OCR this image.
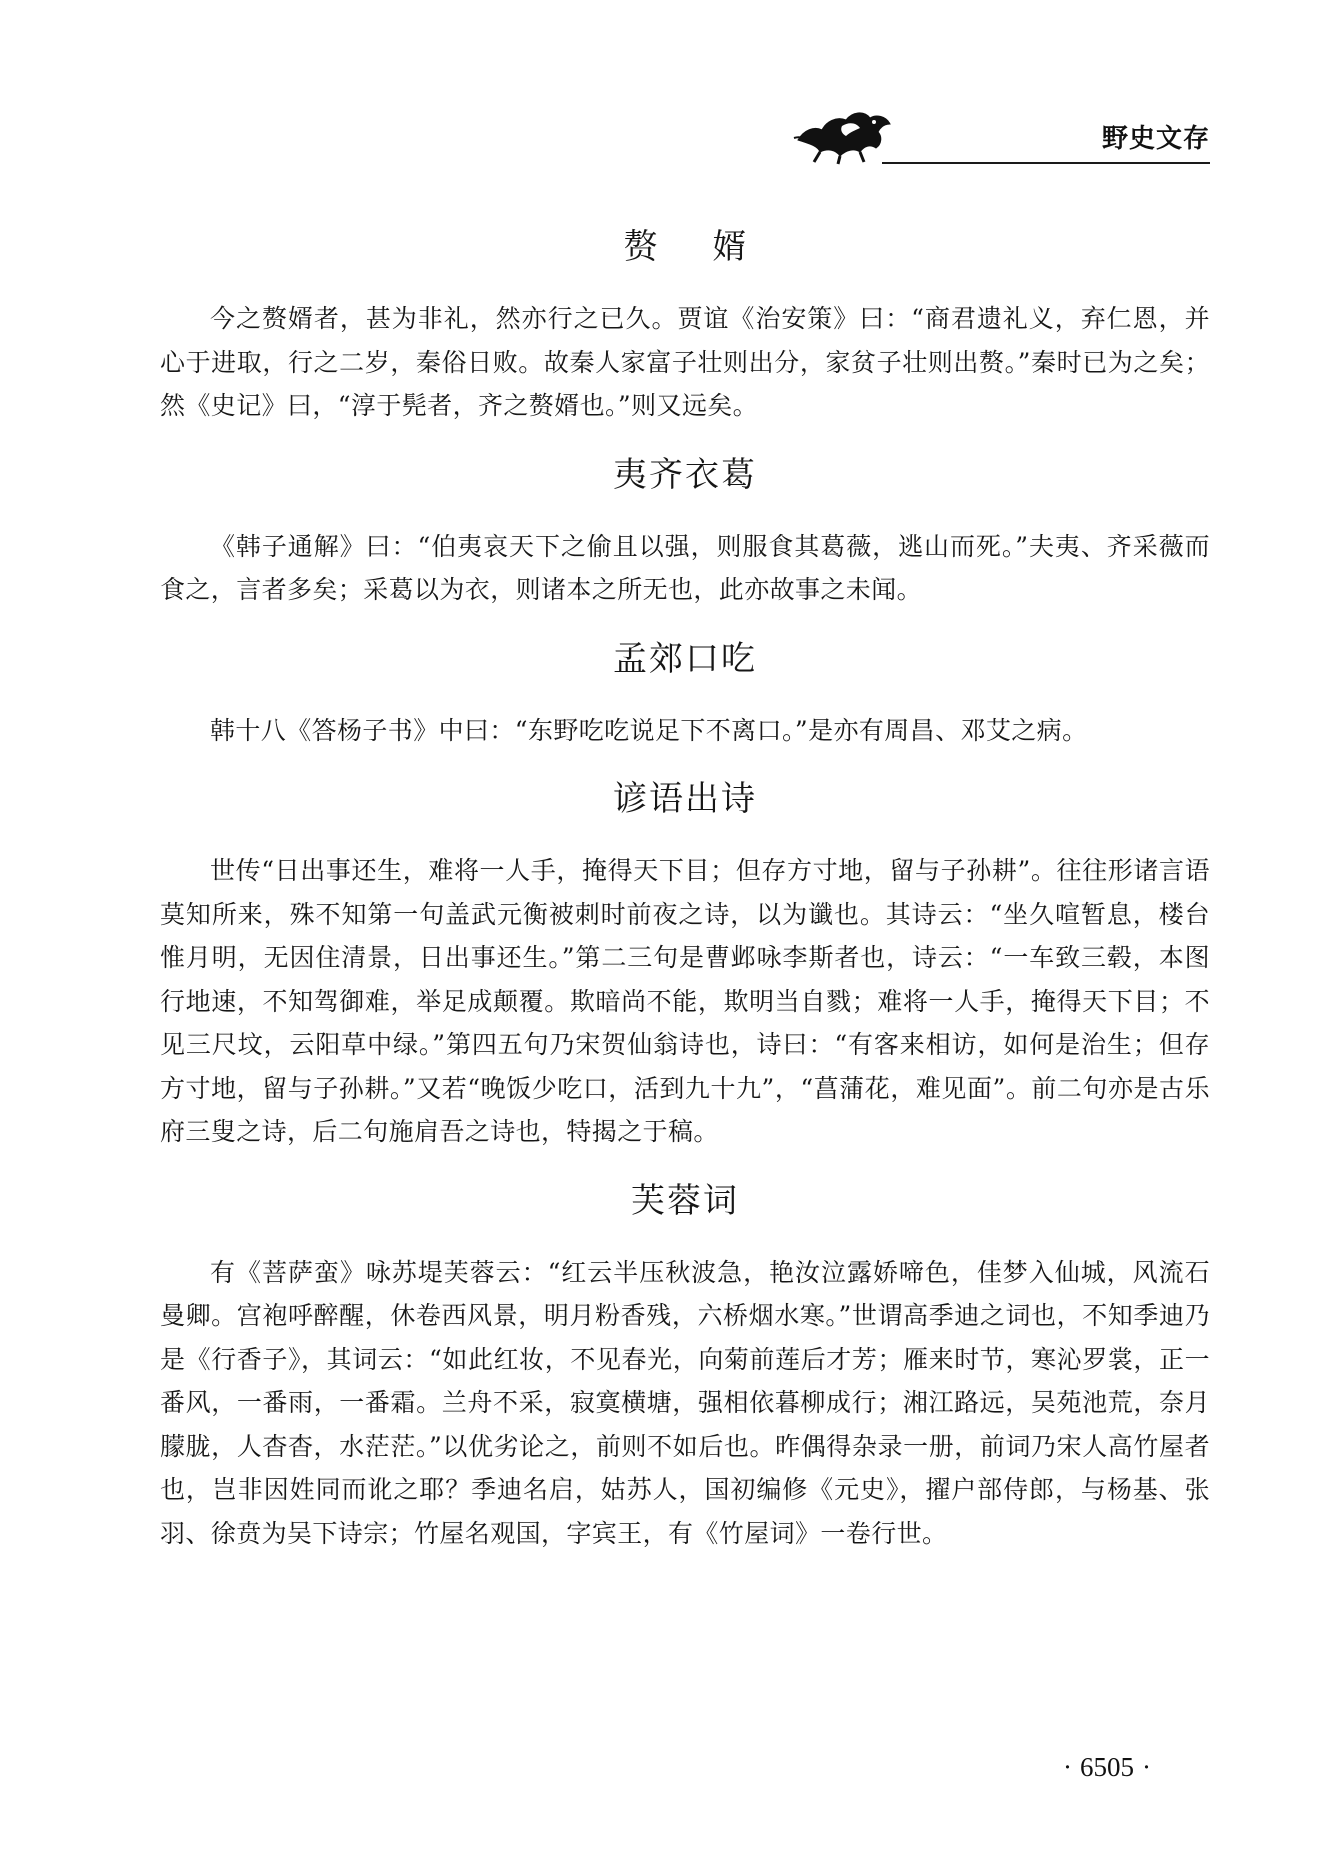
野史文存
赘 婿

今之赘婿者，甚为非礼，然亦行之已久。贾谊《治安策》曰：“商君遗礼义，弃仁恩，并心于进取，行之二岁，秦俗日败。故秦人家富子壮则出分，家贫子壮则出赘。”秦时已为之矣；然《史记》曰，“淳于髡者，齐之赘婿也。”则又远矣。

夷齐衣葛

《韩子通解》曰：“伯夷哀天下之偷且以强，则服食其葛薇，逃山而死。”夫夷、齐采薇而食之，言者多矣；采葛以为衣，则诸本之所无也，此亦故事之未闻。

孟郊口吃

韩十八《答杨子书》中曰：“东野吃吃说足下不离口。”是亦有周昌、邓艾之病。

谚语出诗

世传“日出事还生，难将一人手，掩得天下目；但存方寸地，留与子孙耕”。往往形诸言语莫知所来，殊不知第一句盖武元衡被刺时前夜之诗，以为谶也。其诗云：“坐久喧暂息，楼台惟月明，无因住清景，日出事还生。”第二三句是曹邺咏李斯者也，诗云：“一车致三毂，本图行地速，不知驾御难，举足成颠覆。欺暗尚不能，欺明当自戮；难将一人手，掩得天下目；不见三尺坟，云阳草中绿。”第四五句乃宋贺仙翁诗也，诗曰：“有客来相访，如何是治生；但存方寸地，留与子孙耕。”又若“晚饭少吃口，活到九十九”，“菖蒲花，难见面”。前二句亦是古乐府三叟之诗，后二句施肩吾之诗也，特揭之于稿。

芙蓉词

有《菩萨蛮》咏苏堤芙蓉云：“红云半压秋波急，艳汝泣露娇啼色，佳梦入仙城，风流石曼卿。宫袍呼醉醒，休卷西风景，明月粉香残，六桥烟水寒。”世谓高季迪之词也，不知季迪乃是《行香子》，其词云：“如此红妆，不见春光，向菊前莲后才芳；雁来时节，寒沁罗裳，正一番风，一番雨，一番霜。兰舟不采，寂寞横塘，强相依暮柳成行；湘江路远，吴苑池荒，奈月朦胧，人杳杳，水茫茫。”以优劣论之，前则不如后也。昨偶得杂录一册，前词乃宋人高竹屋者也，岂非因姓同而讹之耶？季迪名启，姑苏人，国初编修《元史》，擢户部侍郎，与杨基、张羽、徐贲为吴下诗宗；竹屋名观国，字宾王，有《竹屋词》一卷行世。

· 6505 ·
